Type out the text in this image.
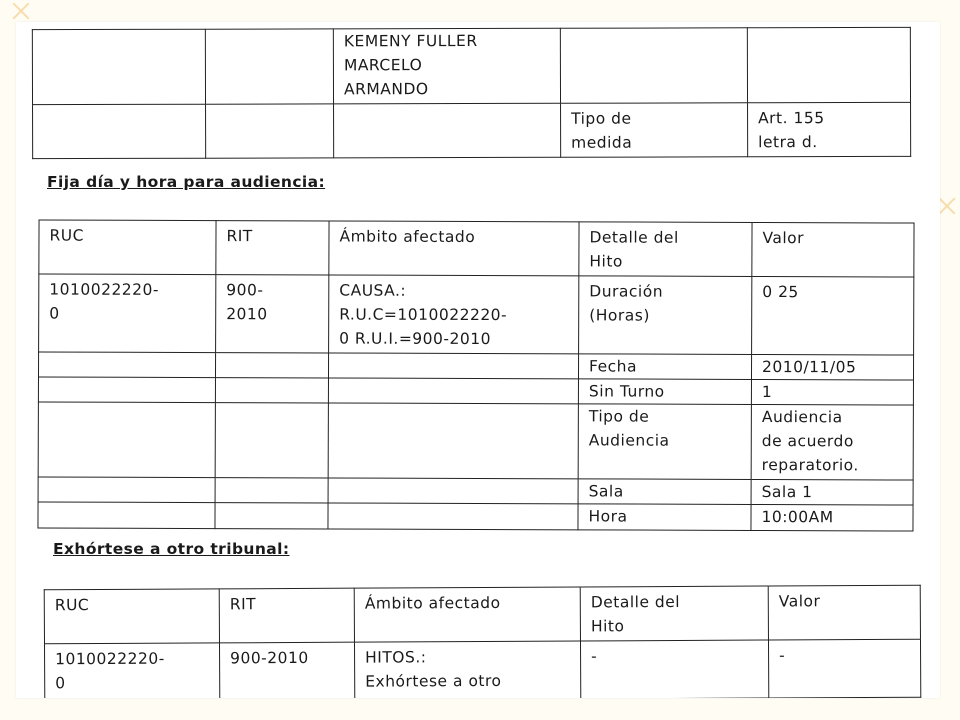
		KEMENY FULLER
MARCELO
ARMANDO		
			Tipo de
medida	Art. 155
letra d.

Fija día y hora para audiencia:

RUC	RIT	Ámbito afectado	Detalle del
Hito	Valor
1010022220-
0	900-
2010	CAUSA.:
R.U.C=1010022220-
0 R.U.I.=900-2010	Duración
(Horas)	0 25
			Fecha	2010/11/05
			Sin Turno	1
			Tipo de
Audiencia	Audiencia
de acuerdo
reparatorio.
			Sala	Sala 1
			Hora	10:00AM

Exhórtese a otro tribunal:

RUC	RIT	Ámbito afectado	Detalle del
Hito	Valor
1010022220-
0	900-2010	HITOS.:
Exhórtese a otro	-	-
